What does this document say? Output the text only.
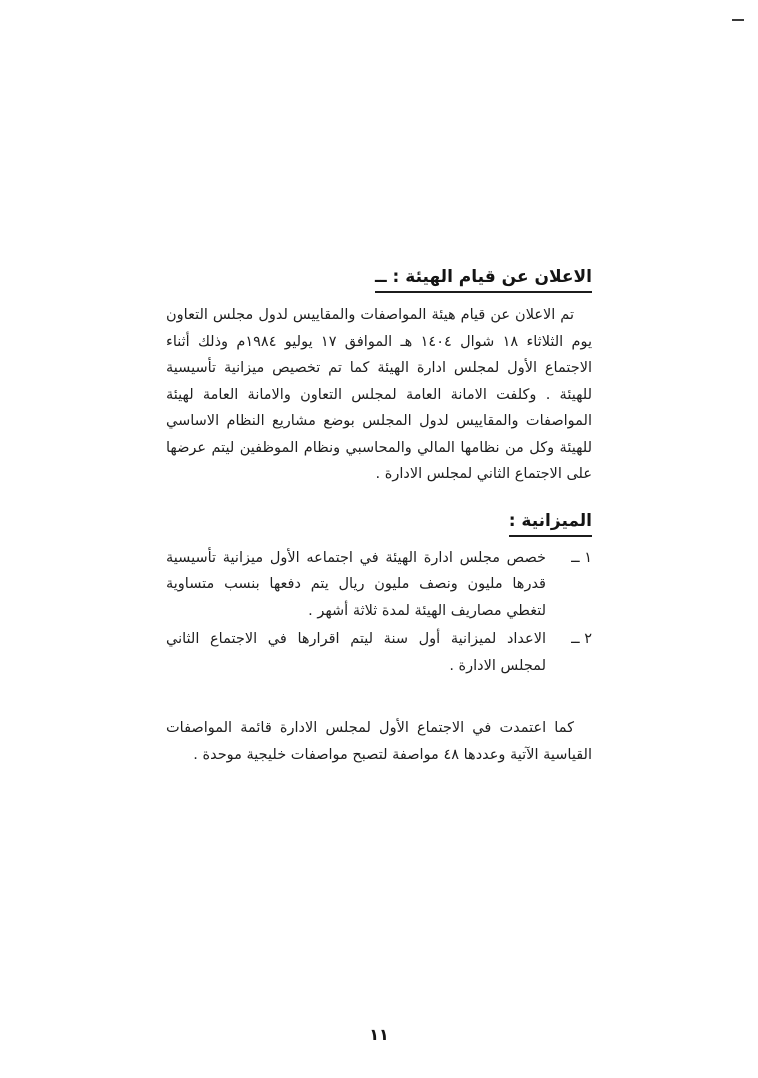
الاعلان عن قيام الهيئة : ــ

تم الاعلان عن قيام هيئة المواصفات والمقاييس لدول مجلس التعاون يوم الثلاثاء ١٨ شوال ١٤٠٤ هـ الموافق ١٧ يوليو ١٩٨٤م وذلك أثناء الاجتماع الأول لمجلس ادارة الهيئة كما تم تخصيص ميزانية تأسيسية للهيئة . وكلفت الامانة العامة لمجلس التعاون والامانة العامة لهيئة المواصفات والمقاييس لدول المجلس بوضع مشاريع النظام الاساسي للهيئة وكل من نظامها المالي والمحاسبي ونظام الموظفين ليتم عرضها على الاجتماع الثاني لمجلس الادارة .

الميزانية :
١ ــ
خصص مجلس ادارة الهيئة في اجتماعه الأول ميزانية تأسيسية قدرها مليون ونصف مليون ريال يتم دفعها بنسب متساوية لتغطي مصاريف الهيئة لمدة ثلاثة أشهر .
٢ ــ
الاعداد لميزانية أول سنة ليتم اقرارها في الاجتماع الثاني لمجلس الادارة .

كما اعتمدت في الاجتماع الأول لمجلس الادارة قائمة المواصفات القياسية الآتية وعددها ٤٨ مواصفة لتصبح مواصفات خليجية موحدة .

١١
